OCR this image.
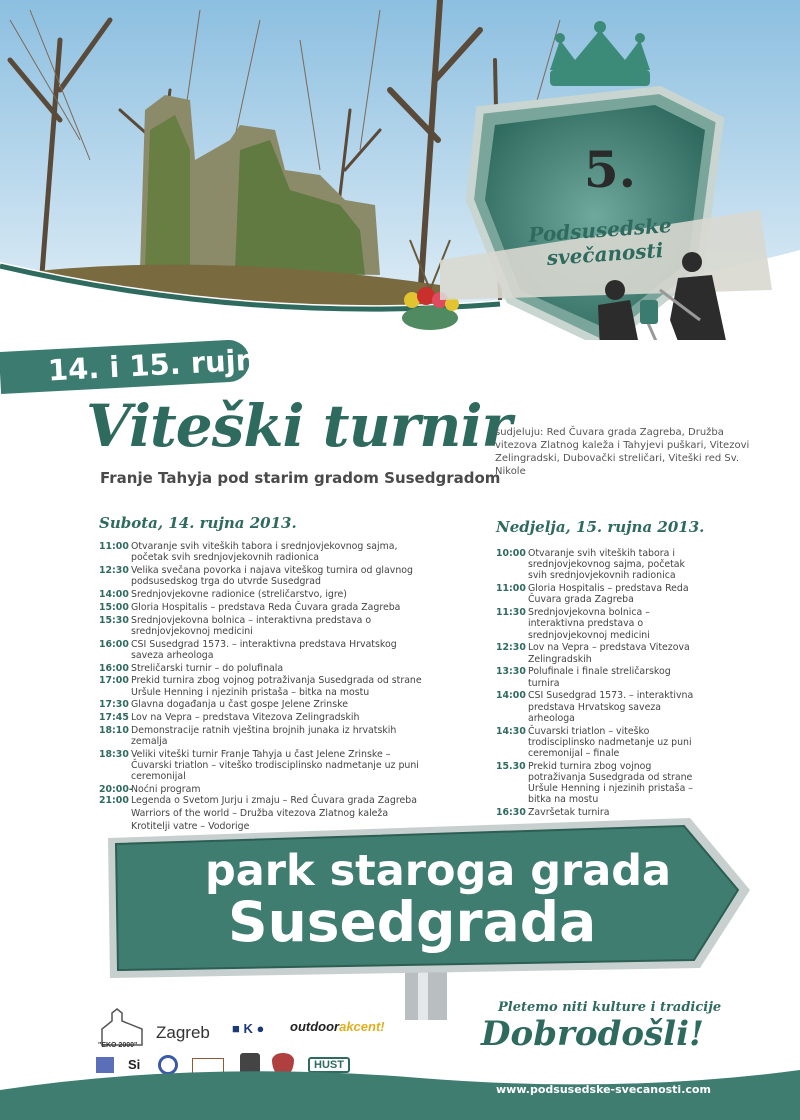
5.
Podsusedske
svečanosti
14. i 15. rujna
Viteški turnir
Franje Tahyja pod starim gradom Susedgradom
sudjeluju: Red Čuvara grada Zagreba, Družba vitezova Zlatnog kaleža i Tahyjevi puškari, Vitezovi Zelingradski, Dubovački streličari, Viteški red Sv. Nikole
Subota, 14. rujna 2013.
11:00 Otvaranje svih viteških tabora i srednjovjekovnog sajma, početak svih srednjovjekovnih radionica
12:30 Velika svečana povorka i najava viteškog turnira od glavnog podsusedskog trga do utvrde Susedgrad
14:00 Srednjovjekovne radionice (streličarstvo, igre)
15:00 Gloria Hospitalis – predstava Reda Čuvara grada Zagreba
15:30 Srednjovjekovna bolnica – interaktivna predstava o srednjovjekovnoj medicini
16:00 CSI Susedgrad 1573. – interaktivna predstava Hrvatskog saveza arheologa
16:00 Streličarski turnir – do polufinala
17:00 Prekid turnira zbog vojnog potraživanja Susedgrada od strane Uršule Henning i njezinih pristaša – bitka na mostu
17:30 Glavna događanja u čast gospe Jelene Zrinske
17:45 Lov na Vepra – predstava Vitezova Zelingradskih
18:10 Demonstracije ratnih vještina brojnih junaka iz hrvatskih zemalja
18:30 Veliki viteški turnir Franje Tahyja u čast Jelene Zrinske – Čuvarski triatlon – viteško trodisciplinsko nadmetanje uz puni ceremonijal
20:00-
Noćni program
21:00 Legenda o Svetom Jurju i zmaju – Red Čuvara grada Zagreba
Warriors of the world – Družba vitezova Zlatnog kaleža
Krotitelji vatre – Vodorige
Nedjelja, 15. rujna 2013.
10:00 Otvaranje svih viteških tabora i srednjovjekovnog sajma, početak svih srednjovjekovnih radionica
11:00 Gloria Hospitalis – predstava Reda Čuvara grada Zagreba
11:30 Srednjovjekovna bolnica – interaktivna predstava o srednjovjekovnoj medicini
12:30 Lov na Vepra – predstava Vitezova Zelingradskih
13:30 Polufinale i finale streličarskog turnira
14:00 CSI Susedgrad 1573. – interaktivna predstava Hrvatskog saveza arheologa
14:30 Čuvarski triatlon – viteško trodisciplinsko nadmetanje uz puni ceremonijal – finale
15.30 Prekid turnira zbog vojnog potraživanja Susedgrada od strane Uršule Henning i njezinih pristaša – bitka na mostu
16:30 Završetak turnira
park staroga grada
Susedgrada
Pletemo niti kulture i tradicije
Dobrodošli!
"EKO 2000"
Zagreb ■ K ● outdoorakcent!
Si	HUST
www.podsusedske-svecanosti.com
